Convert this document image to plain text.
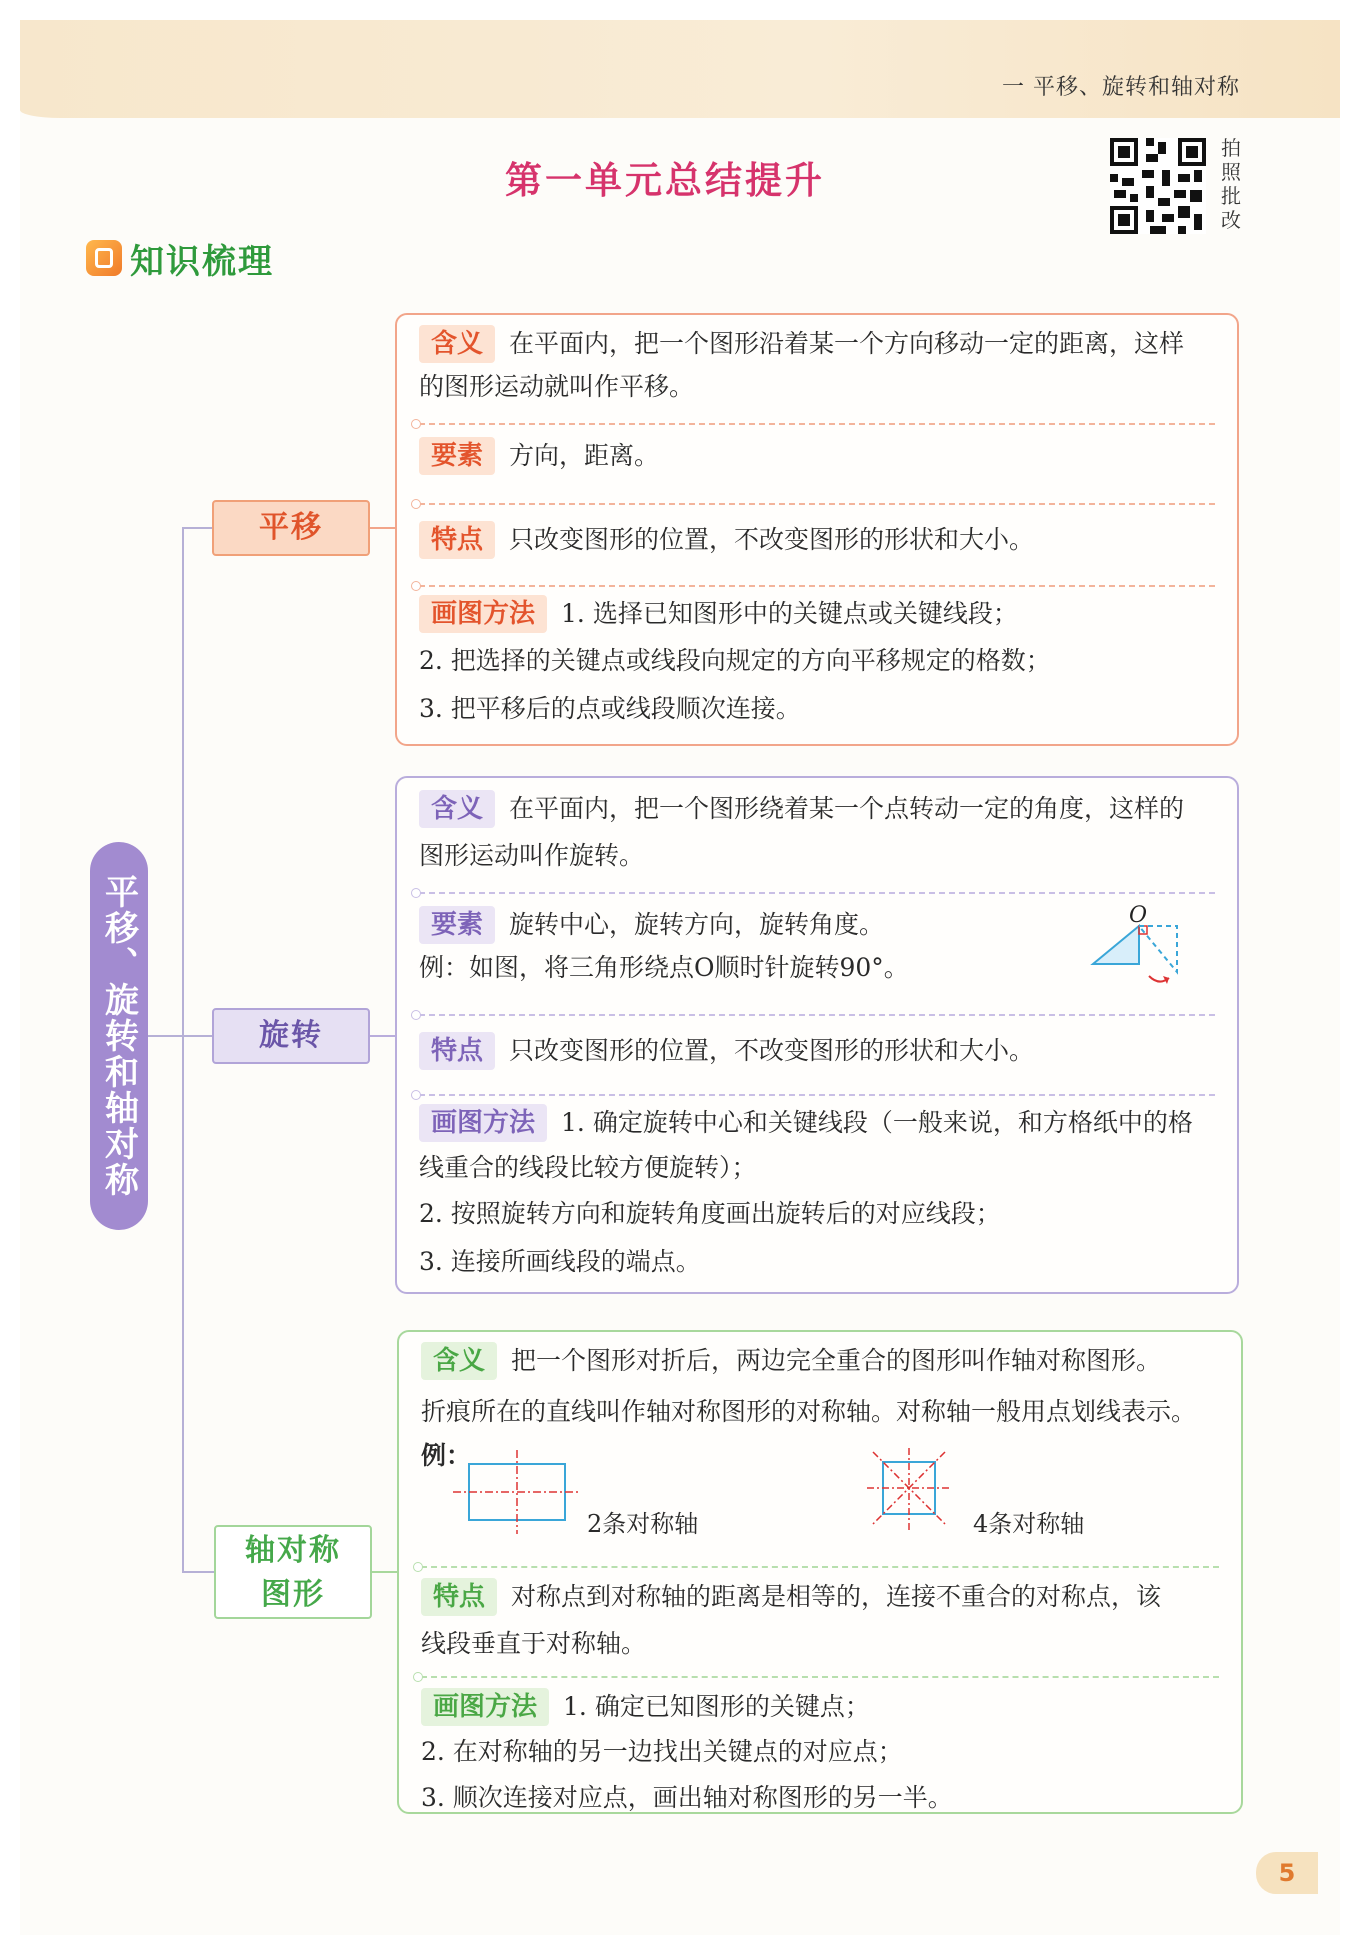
一 平移、旋转和轴对称
第一单元总结提升
拍照批改
知识梳理
平移、旋转和轴对称
平移
旋转
轴对称
图形

含义 在平面内，把一个图形沿着某一个方向移动一定的距离，这样

的图形运动就叫作平移。

要素 方向，距离。

特点 只改变图形的位置，不改变图形的形状和大小。

画图方法 1. 选择已知图形中的关键点或关键线段；

2. 把选择的关键点或线段向规定的方向平移规定的格数；

3. 把平移后的点或线段顺次连接。

含义 在平面内，把一个图形绕着某一个点转动一定的角度，这样的

图形运动叫作旋转。

要素 旋转中心，旋转方向，旋转角度。

例：如图，将三角形绕点O顺时针旋转90°。

O

特点 只改变图形的位置，不改变图形的形状和大小。

画图方法 1. 确定旋转中心和关键线段（一般来说，和方格纸中的格

线重合的线段比较方便旋转）；

2. 按照旋转方向和旋转角度画出旋转后的对应线段；

3. 连接所画线段的端点。

含义 把一个图形对折后，两边完全重合的图形叫作轴对称图形。

折痕所在的直线叫作轴对称图形的对称轴。对称轴一般用点划线表示。

例：

2条对称轴	4条对称轴

特点 对称点到对称轴的距离是相等的，连接不重合的对称点，该

线段垂直于对称轴。

画图方法 1. 确定已知图形的关键点；

2. 在对称轴的另一边找出关键点的对应点；

3. 顺次连接对应点，画出轴对称图形的另一半。

5
